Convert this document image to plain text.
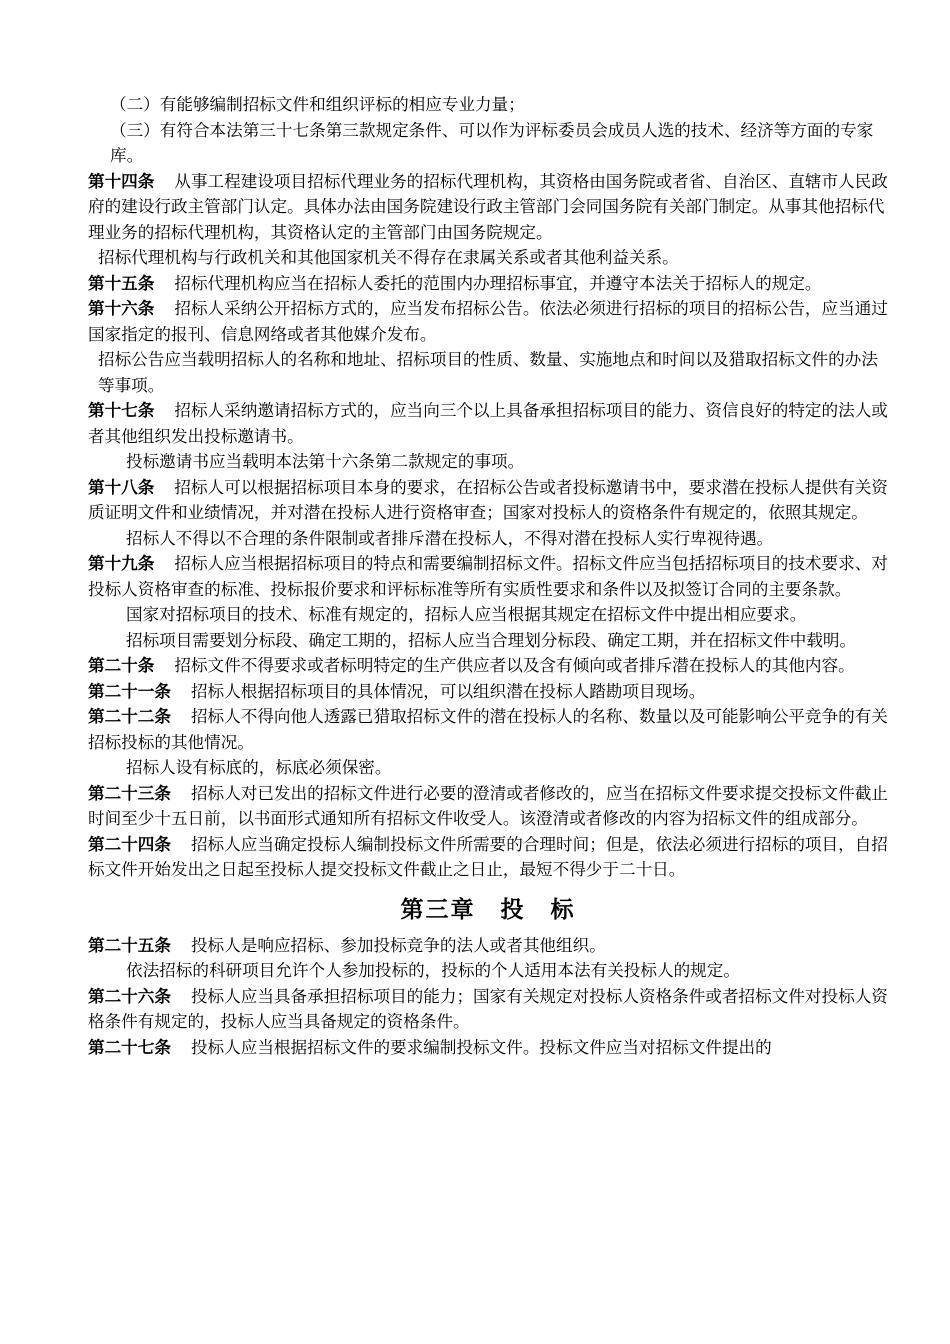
（二）有能够编制招标文件和组织评标的相应专业力量；

（三）有符合本法第三十七条第三款规定条件、可以作为评标委员会成员人选的技术、经济等方面的专家库。

第十四条 从事工程建设项目招标代理业务的招标代理机构，其资格由国务院或者省、自治区、直辖市人民政府的建设行政主管部门认定。具体办法由国务院建设行政主管部门会同国务院有关部门制定。从事其他招标代理业务的招标代理机构，其资格认定的主管部门由国务院规定。

招标代理机构与行政机关和其他国家机关不得存在隶属关系或者其他利益关系。

第十五条 招标代理机构应当在招标人委托的范围内办理招标事宜，并遵守本法关于招标人的规定。

第十六条 招标人采纳公开招标方式的，应当发布招标公告。依法必须进行招标的项目的招标公告，应当通过国家指定的报刊、信息网络或者其他媒介发布。

招标公告应当载明招标人的名称和地址、招标项目的性质、数量、实施地点和时间以及猎取招标文件的办法等事项。

第十七条 招标人采纳邀请招标方式的，应当向三个以上具备承担招标项目的能力、资信良好的特定的法人或者其他组织发出投标邀请书。

投标邀请书应当载明本法第十六条第二款规定的事项。

第十八条 招标人可以根据招标项目本身的要求，在招标公告或者投标邀请书中，要求潜在投标人提供有关资质证明文件和业绩情况，并对潜在投标人进行资格审查；国家对投标人的资格条件有规定的，依照其规定。

招标人不得以不合理的条件限制或者排斥潜在投标人，不得对潜在投标人实行卑视待遇。

第十九条 招标人应当根据招标项目的特点和需要编制招标文件。招标文件应当包括招标项目的技术要求、对投标人资格审查的标准、投标报价要求和评标标准等所有实质性要求和条件以及拟签订合同的主要条款。

国家对招标项目的技术、标准有规定的，招标人应当根据其规定在招标文件中提出相应要求。

招标项目需要划分标段、确定工期的，招标人应当合理划分标段、确定工期，并在招标文件中载明。

第二十条 招标文件不得要求或者标明特定的生产供应者以及含有倾向或者排斥潜在投标人的其他内容。

第二十一条 招标人根据招标项目的具体情况，可以组织潜在投标人踏勘项目现场。

第二十二条 招标人不得向他人透露已猎取招标文件的潜在投标人的名称、数量以及可能影响公平竞争的有关招标投标的其他情况。

招标人设有标底的，标底必须保密。

第二十三条 招标人对已发出的招标文件进行必要的澄清或者修改的，应当在招标文件要求提交投标文件截止时间至少十五日前，以书面形式通知所有招标文件收受人。该澄清或者修改的内容为招标文件的组成部分。

第二十四条 招标人应当确定投标人编制投标文件所需要的合理时间；但是，依法必须进行招标的项目，自招标文件开始发出之日起至投标人提交投标文件截止之日止，最短不得少于二十日。

第三章　投　标

第二十五条 投标人是响应招标、参加投标竞争的法人或者其他组织。

依法招标的科研项目允许个人参加投标的，投标的个人适用本法有关投标人的规定。

第二十六条 投标人应当具备承担招标项目的能力；国家有关规定对投标人资格条件或者招标文件对投标人资格条件有规定的，投标人应当具备规定的资格条件。

第二十七条 投标人应当根据招标文件的要求编制投标文件。投标文件应当对招标文件提出的
